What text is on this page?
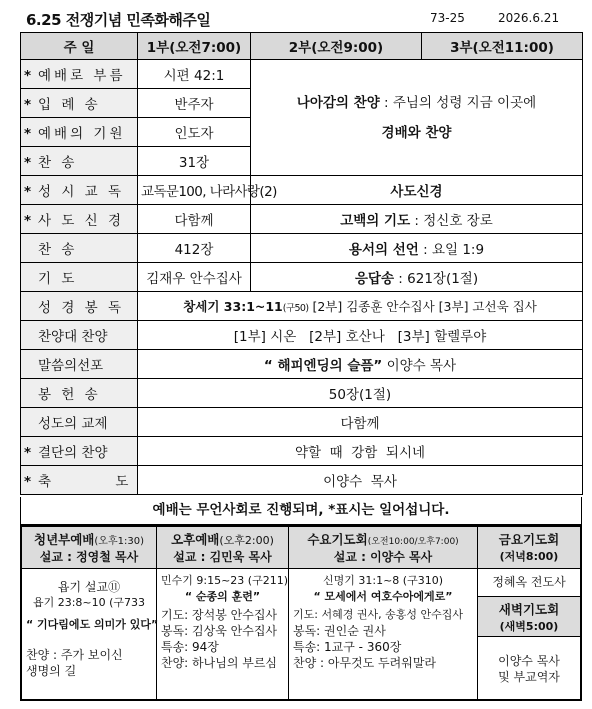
6.25 전쟁기념 민족화해주일	73-25	2026.6.21
주 일	1부(오전7:00)	2부(오전9:00)	3부(오전11:00)
* 예배로 부름	시편 42:1	나아감의 찬양 : 주님의 성령 지금 이곳에
경배와 찬양	

* 입 례 송	반주자		
* 예배의 기원	인도자		
* 찬 송	31장		
* 성 시 교 독	교독문100, 나라사랑(2)	사도신경	
* 사 도 신 경	다함께	고백의 기도 : 정신호 장로	
찬 송	412장	용서의 선언 : 요일 1:9	
기 도	김재우 안수집사	응답송 : 621장(1절)	
성 경 봉 독	창세기 33:1~11(구50) [2부] 김종훈 안수집사 [3부] 고선욱 집사		
찬양대 찬양	[1부] 시온   [2부] 호산나   [3부] 할렐루야		
말씀의선포	“ 해피엔딩의 슬픔” 이양수 목사		
봉 헌 송	50장(1절)		
성도의 교제	다함께		
* 결단의 찬양	약할  때  강함  되시네		
* 축 도	이양수  목사		
예배는 무언사회로 진행되며, *표시는 일어섭니다.
청년부예배(오후1:30)
설교 : 정영철 목사
욥기 설교⑪
욥기 23:8~10 (구733
“ 기다림에도 의미가 있다”
찬양 : 주가 보이신
생명의 길
오후예배(오후2:00)
설교 : 김민욱 목사
민수기 9:15~23 (구211)
“ 순종의 훈련”
기도: 장석봉 안수집사
봉독: 김상욱 안수집사
특송: 94장
찬양: 하나님의 부르심
수요기도회(오전10:00/오후7:00)
설교 : 이양수 목사
신명기 31:1~8 (구310)
“ 모세에서 여호수아에게로”
기도: 서혜경 권사, 송홍성 안수집사
봉독: 권인순 권사
특송: 1교구 - 360장
찬양 : 아무것도 두려워말라
금요기도회
(저녁8:00)
정혜옥 전도사
새벽기도회
(새벽5:00)
이양수 목사
및 부교역자
